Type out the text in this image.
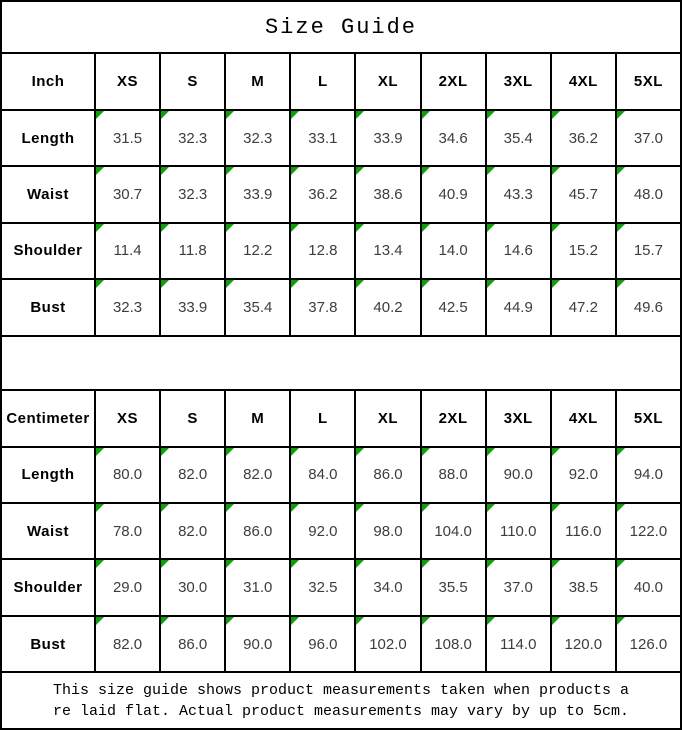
Size Guide									
Inch	XS	S	M	L	XL	2XL	3XL	4XL	5XL
Length	31.5	32.3	32.3	33.1	33.9	34.6	35.4	36.2	37.0
Waist	30.7	32.3	33.9	36.2	38.6	40.9	43.3	45.7	48.0
Shoulder	11.4	11.8	12.2	12.8	13.4	14.0	14.6	15.2	15.7
Bust	32.3	33.9	35.4	37.8	40.2	42.5	44.9	47.2	49.6

Centimeter	XS	S	M	L	XL	2XL	3XL	4XL	5XL
Length	80.0	82.0	82.0	84.0	86.0	88.0	90.0	92.0	94.0
Waist	78.0	82.0	86.0	92.0	98.0	104.0	110.0	116.0	122.0
Shoulder	29.0	30.0	31.0	32.5	34.0	35.5	37.0	38.5	40.0
Bust	82.0	86.0	90.0	96.0	102.0	108.0	114.0	120.0	126.0

This size guide shows product measurements taken when products a
re laid flat. Actual product measurements may vary by up to 5cm.									
